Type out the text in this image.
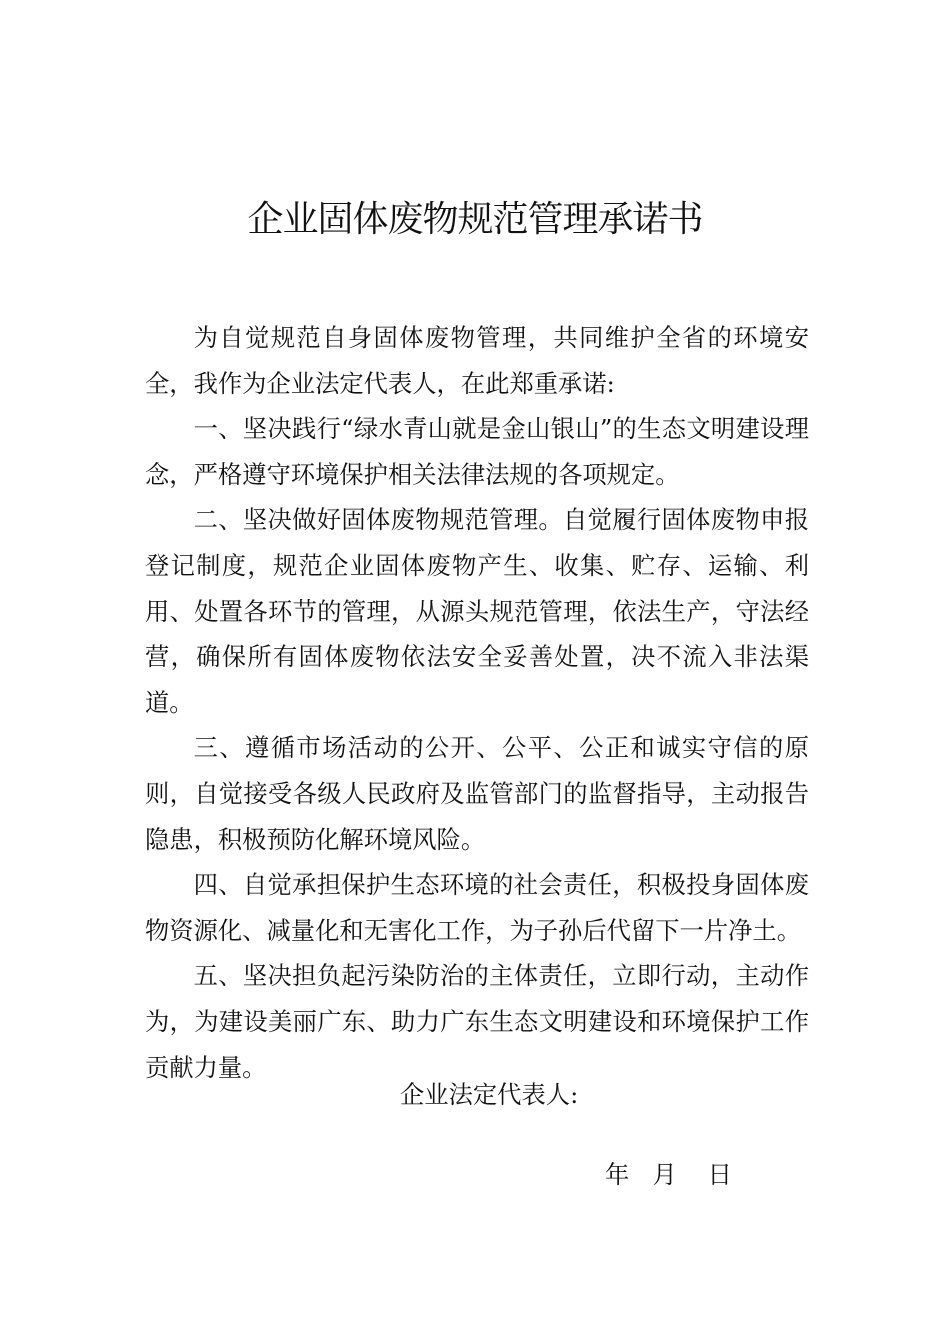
企业固体废物规范管理承诺书

为自觉规范自身固体废物管理，共同维护全省的环境安全，我作为企业法定代表人，在此郑重承诺:

一、坚决践行“绿水青山就是金山银山”的生态文明建设理念，严格遵守环境保护相关法律法规的各项规定。

二、坚决做好固体废物规范管理。自觉履行固体废物申报登记制度，规范企业固体废物产生、收集、贮存、运输、利用、处置各环节的管理，从源头规范管理，依法生产，守法经营，确保所有固体废物依法安全妥善处置，决不流入非法渠道。

三、遵循市场活动的公开、公平、公正和诚实守信的原则，自觉接受各级人民政府及监管部门的监督指导，主动报告隐患，积极预防化解环境风险。

四、自觉承担保护生态环境的社会责任，积极投身固体废物资源化、减量化和无害化工作，为子孙后代留下一片净土。

五、坚决担负起污染防治的主体责任，立即行动，主动作为，为建设美丽广东、助力广东生态文明建设和环境保护工作贡献力量。

企业法定代表人:
年   月    日
